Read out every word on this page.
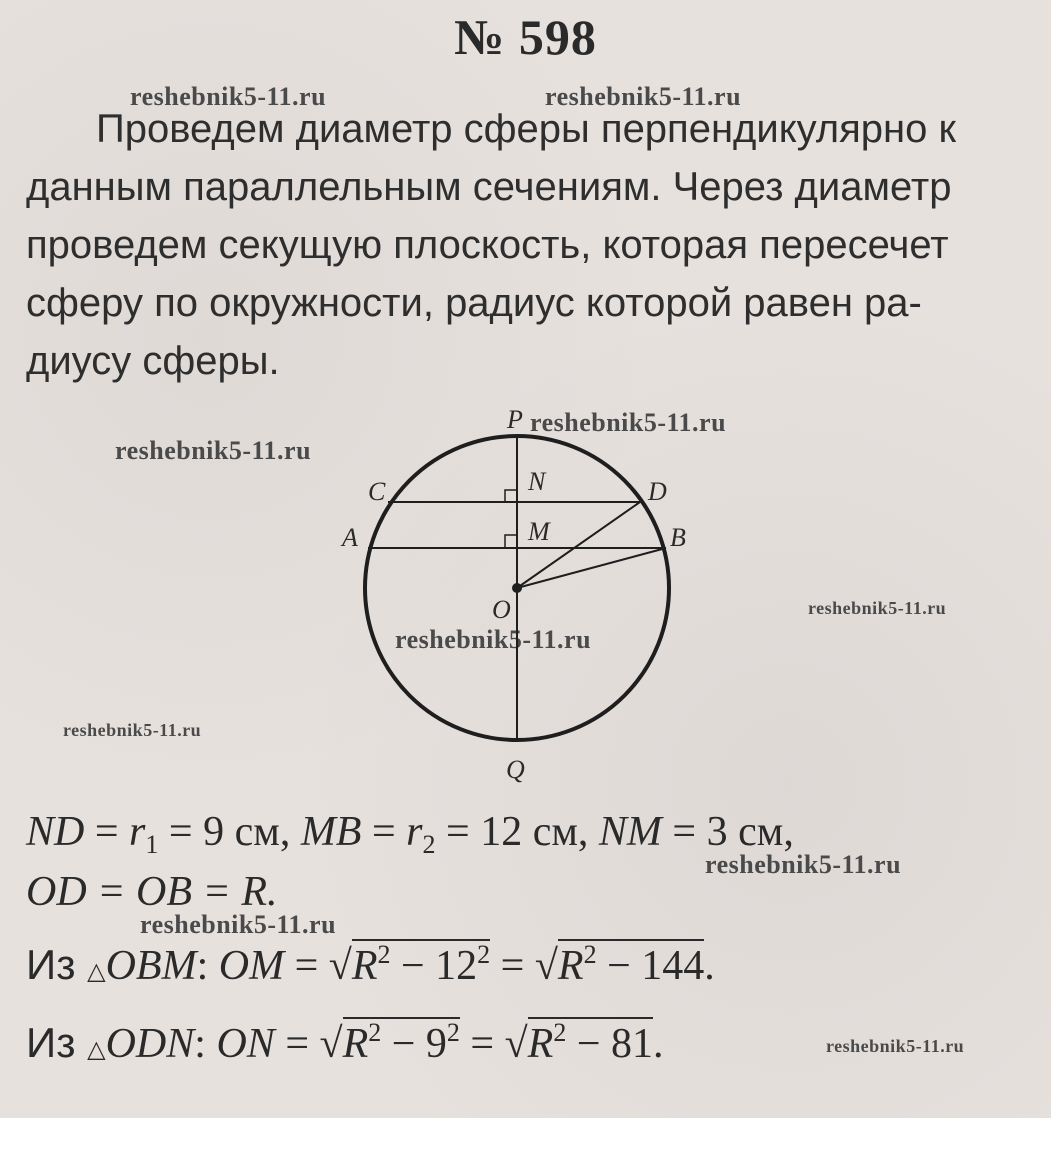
№ 598
reshebnik5-11.ru	reshebnik5-11.ru
reshebnik5-11.ru
reshebnik5-11.ru
reshebnik5-11.ru
reshebnik5-11.ru
reshebnik5-11.ru
reshebnik5-11.ru
reshebnik5-11.ru
reshebnik5-11.ru
Проведем диаметр сферы перпендикулярно к
данным параллельным сечениям. Через диаметр
проведем секущую плоскость, которая пересечет
сферу по окружности, радиус которой равен ра-
диусу сферы.
P
Q
C	D
A	B
N
M
O
ND = $r_1 = 9$ см, MB = $r_2 = 12$ см, NM = 3 см,
OD = OB = R.
Из △OBM: OM = $√R^2 - 12^2 = √R^2 - 144$.
Из △ODN: ON = $√R^2 - 9^2 = √R^2 - 81$.
